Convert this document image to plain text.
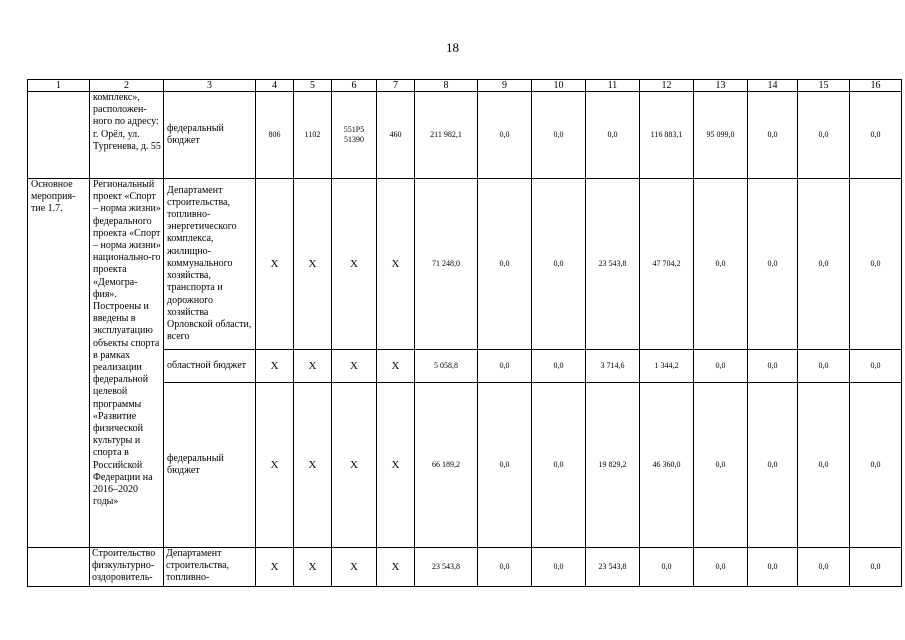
18
1	2	3	4	5	6	7	8	9	10	11	12	13	14	15	16
	комплекс», расположен-ного по адресу: г. Орёл, ул. Тургенева, д. 55	федеральный бюджет	806	1102	551P5 51390	460	211 982,1	0,0	0,0	0,0	116 883,1	95 099,0	0,0	0,0	0,0
Основное мероприя-тие 1.7.	Региональный проект «Спорт – норма жизни» федерального проекта «Спорт – норма жизни» национально-го проекта «Демогра-фия». Построены и введены в эксплуатацию объекты спорта в рамках реализации федеральной целевой программы «Развитие физической культуры и спорта в Российской Федерации на 2016–2020 годы»	Департамент строительства, топливно-энергетического комплекса, жилищно-коммунального хозяйства, транспорта и дорожного хозяйства Орловской области, всего	Х	Х	Х	Х	71 248,0	0,0	0,0	23 543,8	47 704,2	0,0	0,0	0,0	0,0
		областной бюджет	Х	Х	Х	Х	5 058,8	0,0	0,0	3 714,6	1 344,2	0,0	0,0	0,0	0,0
		федеральный бюджет	Х	Х	Х	Х	66 189,2	0,0	0,0	19 829,2	46 360,0	0,0	0,0	0,0	0,0

	Строительство физкультурно-оздоровитель-	Департамент строительства, топливно-	Х	Х	Х	Х	23 543,8	0,0	0,0	23 543,8	0,0	0,0	0,0	0,0	0,0
